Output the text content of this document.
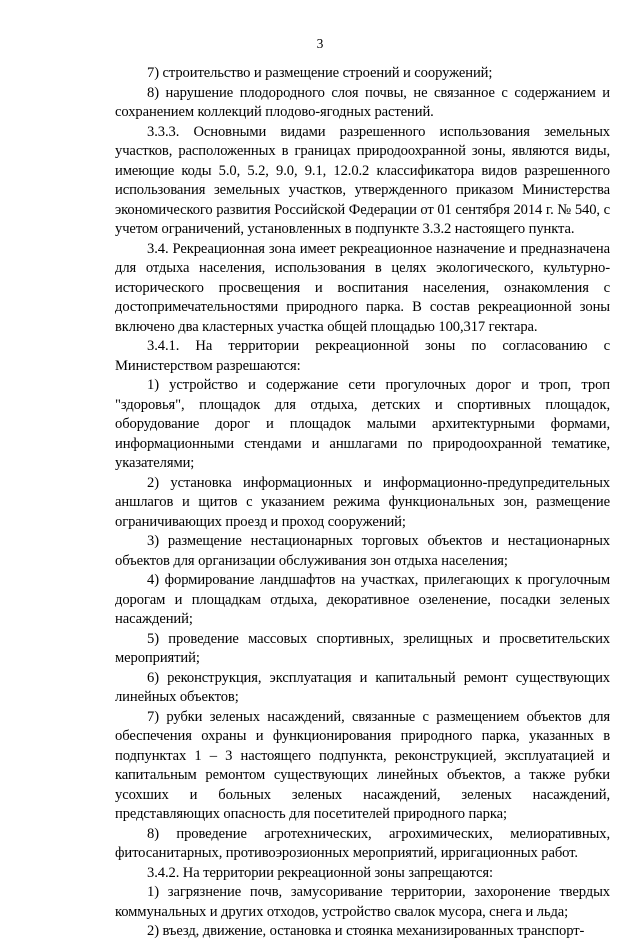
3

7) строительство и размещение строений и сооружений;

8) нарушение плодородного слоя почвы, не связанное с содержанием и сохранением коллекций плодово-ягодных растений.

3.3.3. Основными видами разрешенного использования земельных участков, расположенных в границах природоохранной зоны, являются виды, имеющие коды 5.0, 5.2, 9.0, 9.1, 12.0.2 классификатора видов разрешенного использования земельных участков, утвержденного приказом Министерства экономического развития Российской Федерации от 01 сентября 2014 г. № 540, с учетом ограничений, установленных в подпункте 3.3.2 настоящего пункта.

3.4. Рекреационная зона имеет рекреационное назначение и предназначена для отдыха населения, использования в целях экологического, культурно-исторического просвещения и воспитания населения, ознакомления с достопримечательностями природного парка. В состав рекреационной зоны включено два кластерных участка общей площадью 100,317 гектара.

3.4.1. На территории рекреационной зоны по согласованию с Министерством разрешаются:

1) устройство и содержание сети прогулочных дорог и троп, троп "здоровья", площадок для отдыха, детских и спортивных площадок, оборудование дорог и площадок малыми архитектурными формами, информационными стендами и аншлагами по природоохранной тематике, указателями;

2) установка информационных и информационно-предупредительных аншлагов и щитов с указанием режима функциональных зон, размещение ограничивающих проезд и проход сооружений;

3) размещение нестационарных торговых объектов и нестационарных объектов для организации обслуживания зон отдыха населения;

4) формирование ландшафтов на участках, прилегающих к прогулочным дорогам и площадкам отдыха, декоративное озеленение, посадки зеленых насаждений;

5) проведение массовых спортивных, зрелищных и просветительских мероприятий;

6) реконструкция, эксплуатация и капитальный ремонт существующих линейных объектов;

7) рубки зеленых насаждений, связанные с размещением объектов для обеспечения охраны и функционирования природного парка, указанных в подпунктах 1 – 3 настоящего подпункта, реконструкцией, эксплуатацией и капитальным ремонтом существующих линейных объектов, а также рубки усохших и больных зеленых насаждений, зеленых насаждений, представляющих опасность для посетителей природного парка;

8) проведение агротехнических, агрохимических, мелиоративных, фитосанитарных, противоэрозионных мероприятий, ирригационных работ.

3.4.2. На территории рекреационной зоны запрещаются:

1) загрязнение почв, замусоривание территории, захоронение твердых коммунальных и других отходов, устройство свалок мусора, снега и льда;

2) въезд, движение, остановка и стоянка механизированных транспорт-
